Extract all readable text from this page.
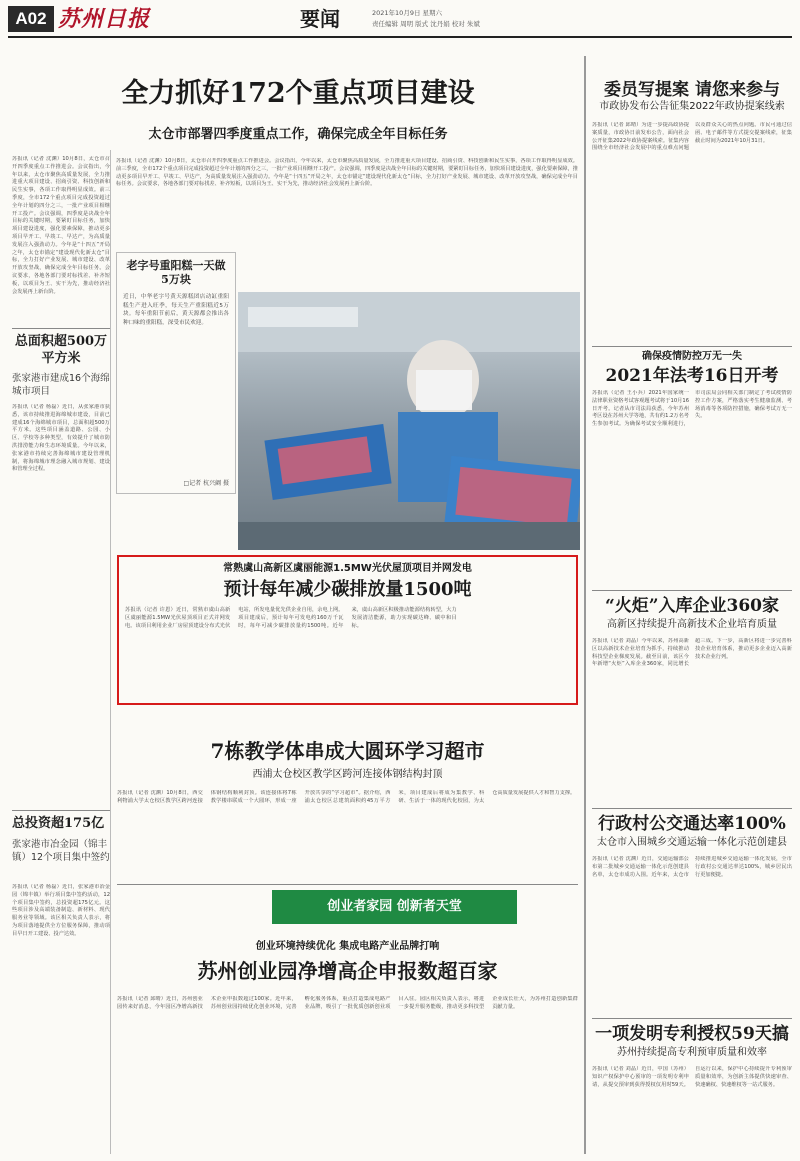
A02 苏州日报	要闻	2021年10月9日 星期六
责任编辑 周明 版式 沈丹娟 校对 朱斌
全力抓好172个重点项目建设
太仓市部署四季度重点工作，确保完成全年目标任务
苏报讯（记者 沈渊）10月8日，太仓市召开四季度重点工作推进会。会议指出，今年以来，太仓市聚焦高质量发展，全力推进重大项目建设、招商引资、科技创新和民生实事，各项工作取得明显成效。前三季度，全市172个重点项目完成投资超过全年计划的四分之三，一批产业项目相继开工投产。会议强调，四季度是决战全年目标的关键时期，要紧盯目标任务，加快项目建设进度，强化要素保障，推动更多项目早开工、早竣工、早达产，为高质量发展注入强劲动力。今年是“十四五”开局之年，太仓市锚定“建设现代化新太仓”目标，全力打好产业发展、城市建设、改革开放攻坚战，确保完成全年目标任务。会议要求，各地各部门要对标找差、补齐短板，以项目为王、实干为先，推动经济社会发展再上新台阶。
老字号重阳糕一天做5万块
近日，中华老字号黄天源糕团店动缸重阳糕生产进入旺季，每天生产重阳糕近5万块。每年重阳节前后，黄天源都会推出各种口味的重阳糕，深受市民欢迎。
□记者 杭兴阚 摄
苏报讯（记者 沈渊）10月8日，太仓市召开四季度重点工作推进会。会议指出，今年以来，太仓市聚焦高质量发展，全力推进重大项目建设、招商引资、科技创新和民生实事，各项工作取得明显成效。前三季度，全市172个重点项目完成投资超过全年计划的四分之三，一批产业项目相继开工投产。会议强调，四季度是决战全年目标的关键时期，要紧盯目标任务，加快项目建设进度，强化要素保障，推动更多项目早开工、早竣工、早达产，为高质量发展注入强劲动力。今年是“十四五”开局之年，太仓市锚定“建设现代化新太仓”目标，全力打好产业发展、城市建设、改革开放攻坚战，确保完成全年目标任务。会议要求，各地各部门要对标找差、补齐短板，以项目为王、实干为先，推动经济社会发展再上新台阶。
总面积超500万平方米
张家港市建成16个海绵城市项目
苏报讯（记者 杨磊）近日，从张家港市获悉，该市持续推进海绵城市建设，目前已建成16个海绵城市项目，总面积超500万平方米。这些项目涵盖道路、公园、小区、学校等多种类型，有效提升了城市防洪排涝能力和生态环境质量。今年以来，张家港市持续完善海绵城市建设管理机制，将海绵城市理念融入城市规划、建设和管理全过程。
总投资超175亿
张家港市冶金园（锦丰镇）12个项目集中签约
苏报讯（记者 杨磊）近日，张家港市冶金园（锦丰镇）举行项目集中签约活动，12个项目集中签约，总投资超175亿元。这些项目涉及高端装备制造、新材料、现代服务业等领域。该区相关负责人表示，将为项目落地提供全方位服务保障，推动项目早日开工建设、投产达效。
常熟虞山高新区虞丽能源1.5MW光伏屋顶项目并网发电
预计每年减少碳排放量1500吨
苏报讯（记者 许恩）近日，常熟市虞山高新区虞丽能源1.5MW光伏屋顶项目正式并网发电。该项目利用企业厂房屋顶建设分布式光伏电站，所发电量优先供企业自用，余电上网。项目建成后，预计每年可发电约160万千瓦时，每年可减少碳排放量约1500吨。近年来，虞山高新区积极推动能源结构转型，大力发展清洁能源，助力实现碳达峰、碳中和目标。
7栋教学体串成大圆环学习超市
西浦太仓校区教学区跨河连接体钢结构封顶
苏报讯（记者 沈渊）10月8日，西交利物浦大学太仓校区教学区跨河连接体钢结构顺利封顶。该连接体将7栋教学楼串联成一个大圆环，形成一座开放共享的“学习超市”。据介绍，西浦太仓校区总建筑面积约45万平方米，项目建成后将成为集教学、科研、生活于一体的现代化校园，为太仓高质量发展提供人才和智力支撑。
创业者家园 创新者天堂
创业环境持续优化 集成电路产业品牌打响
苏州创业园净增高企申报数超百家
苏报讯（记者 邱晴）近日，苏州创业园传来好消息，今年园区净增高新技术企业申报数超过100家。近年来，苏州创业园持续优化创业环境，完善孵化服务体系，重点打造集成电路产业品牌，吸引了一批优质创新创业项目入驻。园区相关负责人表示，将进一步提升服务能级，推动更多科技型企业成长壮大，为苏州打造创新集群贡献力量。
委员写提案 请您来参与
市政协发布公告征集2022年政协提案线索
苏报讯（记者 邱晴）为进一步提高政协提案质量，市政协日前发布公告，面向社会公开征集2022年政协提案线索。征集内容围绕全市经济社会发展中的重点难点问题以及群众关心的热点问题。市民可通过信函、电子邮件等方式提交提案线索，征集截止时间为2021年10月31日。
确保疫情防控万无一失
2021年法考16日开考
苏报讯（记者 王小兵）2021年国家统一法律职业资格考试客观题考试将于10月16日开考。记者从市司法局获悉，今年苏州考区设在苏州大学等地，共有约1.2万名考生参加考试。为确保考试安全顺利进行，市司法局会同相关部门制定了考试疫情防控工作方案，严格落实考生健康监测、考场消毒等各项防控措施，确保考试万无一失。
“火炬”入库企业360家
高新区持续提升高新技术企业培育质量
苏报讯（记者 刘晶）今年以来，苏州高新区以高新技术企业培育为抓手，持续推动科技型企业梯度发展。截至目前，该区今年新增“火炬”入库企业360家，同比增长超三成。下一步，高新区将进一步完善科技企业培育体系，推动更多企业迈入高新技术企业行列。
行政村公交通达率100%
太仓市入围城乡交通运输一体化示范创建县
苏报讯（记者 沈渊）近日，交通运输部公布第二批城乡交通运输一体化示范创建县名单，太仓市成功入围。近年来，太仓市持续推进城乡交通运输一体化发展，全市行政村公交通达率达100%，城乡居民出行更加便捷。
一项发明专利授权59天搞
苏州持续提高专利预审质量和效率
苏报讯（记者 刘晶）近日，中国（苏州）知识产权保护中心预审的一项发明专利申请，从提交预审到获得授权仅用时59天。自运行以来，保护中心持续提升专利预审质量和效率，为创新主体提供快速审查、快速确权、快速维权等一站式服务。
